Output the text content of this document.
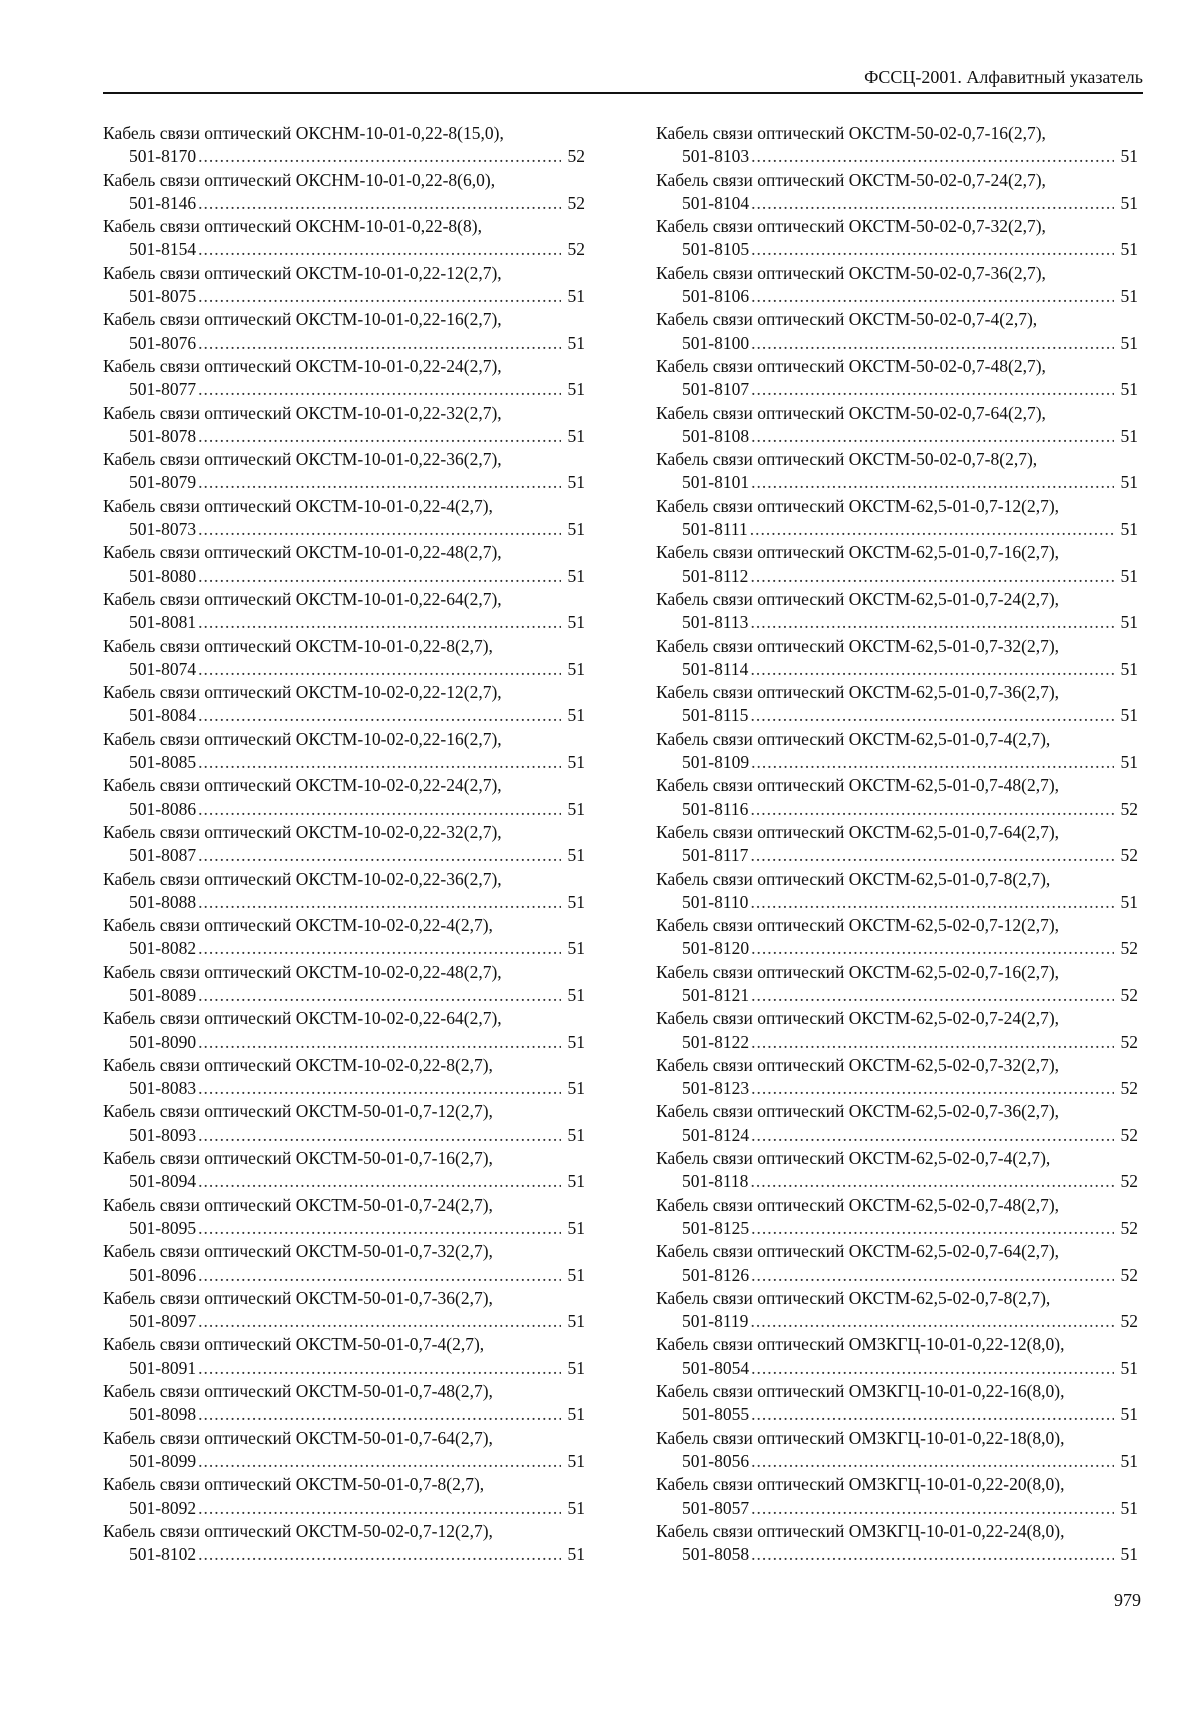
ФССЦ-2001. Алфавитный указатель
Кабель связи оптический ОКСНМ-10-01-0,22-8(15,0),
501-8170 .....	52
Кабель связи оптический ОКСНМ-10-01-0,22-8(6,0),
501-8146 .....	52
Кабель связи оптический ОКСНМ-10-01-0,22-8(8),
501-8154 .....	52
Кабель связи оптический ОКСТМ-10-01-0,22-12(2,7),
501-8075 .....	51
Кабель связи оптический ОКСТМ-10-01-0,22-16(2,7),
501-8076 .....	51
Кабель связи оптический ОКСТМ-10-01-0,22-24(2,7),
501-8077 .....	51
Кабель связи оптический ОКСТМ-10-01-0,22-32(2,7),
501-8078 .....	51
Кабель связи оптический ОКСТМ-10-01-0,22-36(2,7),
501-8079 .....	51
Кабель связи оптический ОКСТМ-10-01-0,22-4(2,7),
501-8073 .....	51
Кабель связи оптический ОКСТМ-10-01-0,22-48(2,7),
501-8080 .....	51
Кабель связи оптический ОКСТМ-10-01-0,22-64(2,7),
501-8081 .....	51
Кабель связи оптический ОКСТМ-10-01-0,22-8(2,7),
501-8074 .....	51
Кабель связи оптический ОКСТМ-10-02-0,22-12(2,7),
501-8084 .....	51
Кабель связи оптический ОКСТМ-10-02-0,22-16(2,7),
501-8085 .....	51
Кабель связи оптический ОКСТМ-10-02-0,22-24(2,7),
501-8086 .....	51
Кабель связи оптический ОКСТМ-10-02-0,22-32(2,7),
501-8087 .....	51
Кабель связи оптический ОКСТМ-10-02-0,22-36(2,7),
501-8088 .....	51
Кабель связи оптический ОКСТМ-10-02-0,22-4(2,7),
501-8082 .....	51
Кабель связи оптический ОКСТМ-10-02-0,22-48(2,7),
501-8089 .....	51
Кабель связи оптический ОКСТМ-10-02-0,22-64(2,7),
501-8090 .....	51
Кабель связи оптический ОКСТМ-10-02-0,22-8(2,7),
501-8083 .....	51
Кабель связи оптический ОКСТМ-50-01-0,7-12(2,7),
501-8093 .....	51
Кабель связи оптический ОКСТМ-50-01-0,7-16(2,7),
501-8094 .....	51
Кабель связи оптический ОКСТМ-50-01-0,7-24(2,7),
501-8095 .....	51
Кабель связи оптический ОКСТМ-50-01-0,7-32(2,7),
501-8096 .....	51
Кабель связи оптический ОКСТМ-50-01-0,7-36(2,7),
501-8097 .....	51
Кабель связи оптический ОКСТМ-50-01-0,7-4(2,7),
501-8091 .....	51
Кабель связи оптический ОКСТМ-50-01-0,7-48(2,7),
501-8098 .....	51
Кабель связи оптический ОКСТМ-50-01-0,7-64(2,7),
501-8099 .....	51
Кабель связи оптический ОКСТМ-50-01-0,7-8(2,7),
501-8092 .....	51
Кабель связи оптический ОКСТМ-50-02-0,7-12(2,7),
501-8102 .....	51
Кабель связи оптический ОКСТМ-50-02-0,7-16(2,7),
501-8103 .....	51
Кабель связи оптический ОКСТМ-50-02-0,7-24(2,7),
501-8104 .....	51
Кабель связи оптический ОКСТМ-50-02-0,7-32(2,7),
501-8105 .....	51
Кабель связи оптический ОКСТМ-50-02-0,7-36(2,7),
501-8106 .....	51
Кабель связи оптический ОКСТМ-50-02-0,7-4(2,7),
501-8100 .....	51
Кабель связи оптический ОКСТМ-50-02-0,7-48(2,7),
501-8107 .....	51
Кабель связи оптический ОКСТМ-50-02-0,7-64(2,7),
501-8108 .....	51
Кабель связи оптический ОКСТМ-50-02-0,7-8(2,7),
501-8101 .....	51
Кабель связи оптический ОКСТМ-62,5-01-0,7-12(2,7),
501-8111 .....	51
Кабель связи оптический ОКСТМ-62,5-01-0,7-16(2,7),
501-8112 .....	51
Кабель связи оптический ОКСТМ-62,5-01-0,7-24(2,7),
501-8113 .....	51
Кабель связи оптический ОКСТМ-62,5-01-0,7-32(2,7),
501-8114 .....	51
Кабель связи оптический ОКСТМ-62,5-01-0,7-36(2,7),
501-8115 .....	51
Кабель связи оптический ОКСТМ-62,5-01-0,7-4(2,7),
501-8109 .....	51
Кабель связи оптический ОКСТМ-62,5-01-0,7-48(2,7),
501-8116 .....	52
Кабель связи оптический ОКСТМ-62,5-01-0,7-64(2,7),
501-8117 .....	52
Кабель связи оптический ОКСТМ-62,5-01-0,7-8(2,7),
501-8110 .....	51
Кабель связи оптический ОКСТМ-62,5-02-0,7-12(2,7),
501-8120 .....	52
Кабель связи оптический ОКСТМ-62,5-02-0,7-16(2,7),
501-8121 .....	52
Кабель связи оптический ОКСТМ-62,5-02-0,7-24(2,7),
501-8122 .....	52
Кабель связи оптический ОКСТМ-62,5-02-0,7-32(2,7),
501-8123 .....	52
Кабель связи оптический ОКСТМ-62,5-02-0,7-36(2,7),
501-8124 .....	52
Кабель связи оптический ОКСТМ-62,5-02-0,7-4(2,7),
501-8118 .....	52
Кабель связи оптический ОКСТМ-62,5-02-0,7-48(2,7),
501-8125 .....	52
Кабель связи оптический ОКСТМ-62,5-02-0,7-64(2,7),
501-8126 .....	52
Кабель связи оптический ОКСТМ-62,5-02-0,7-8(2,7),
501-8119 .....	52
Кабель связи оптический ОМЗКГЦ-10-01-0,22-12(8,0),
501-8054 .....	51
Кабель связи оптический ОМЗКГЦ-10-01-0,22-16(8,0),
501-8055 .....	51
Кабель связи оптический ОМЗКГЦ-10-01-0,22-18(8,0),
501-8056 .....	51
Кабель связи оптический ОМЗКГЦ-10-01-0,22-20(8,0),
501-8057 .....	51
Кабель связи оптический ОМЗКГЦ-10-01-0,22-24(8,0),
501-8058 .....	51
979
